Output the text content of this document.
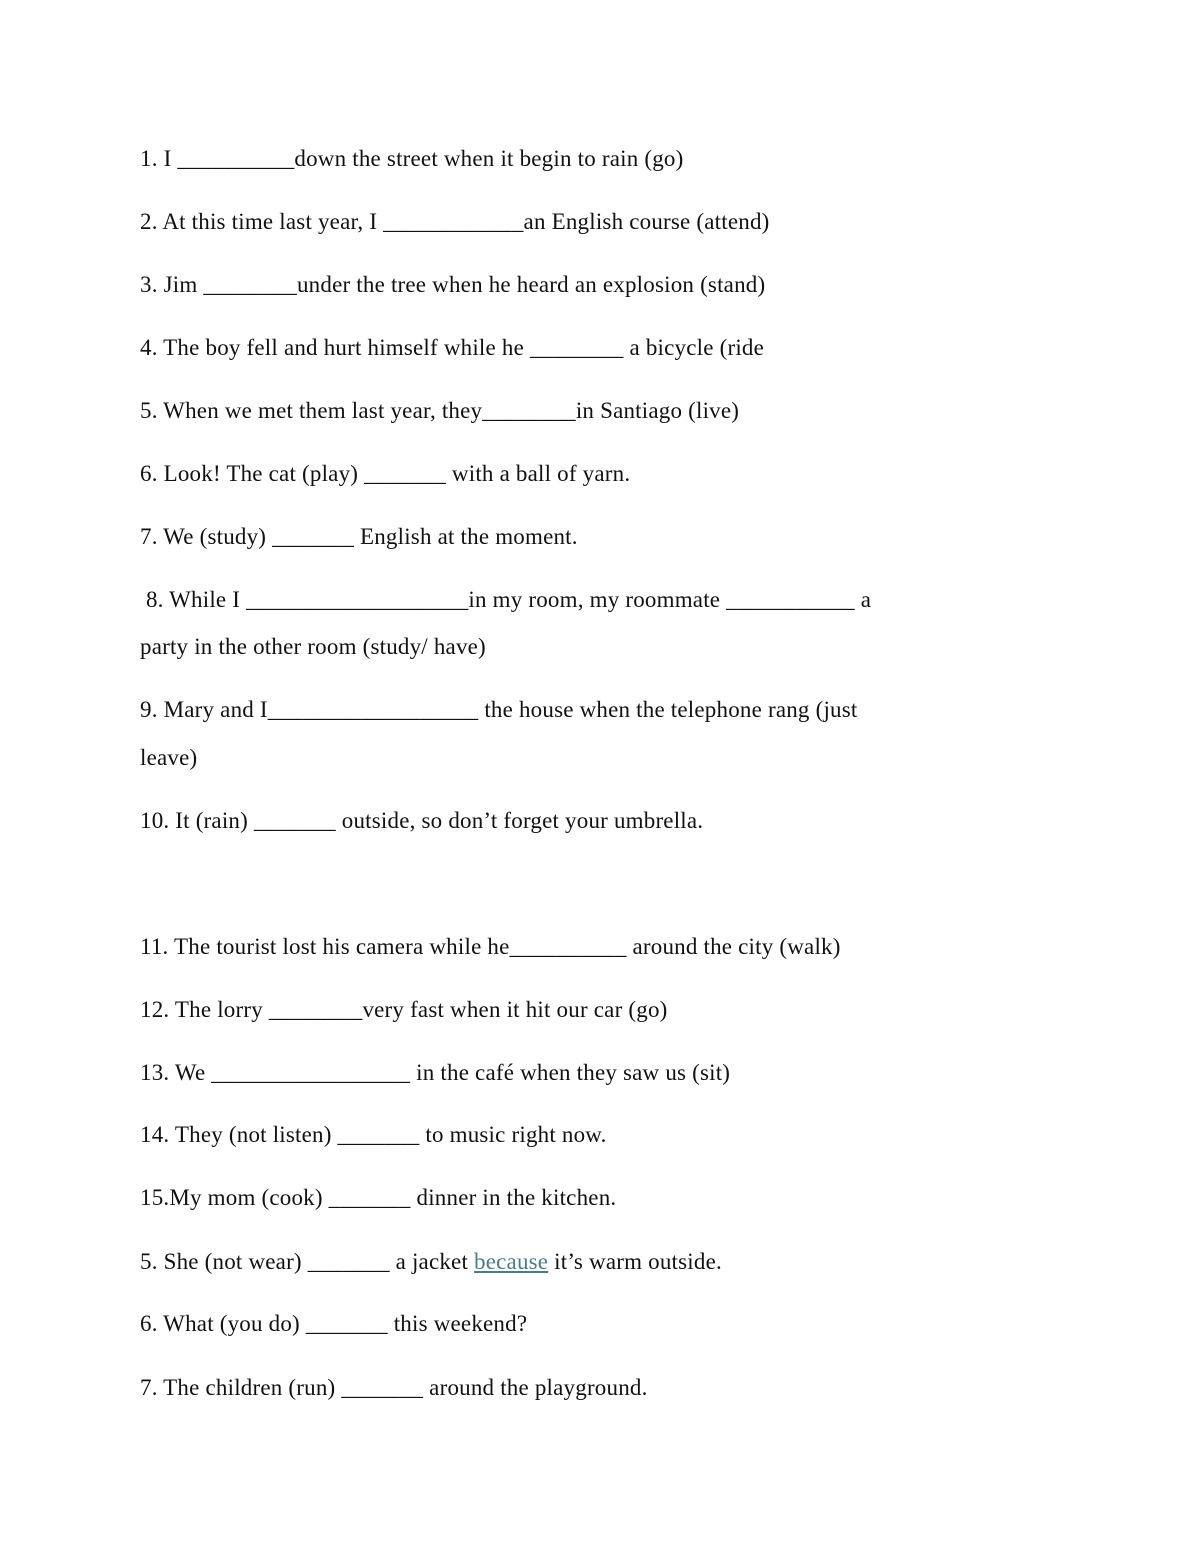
1. I __________down the street when it begin to rain (go)
2. At this time last year, I ____________an English course (attend)
3. Jim ________under the tree when he heard an explosion (stand)
4. The boy fell and hurt himself while he ________ a bicycle (ride
5. When we met them last year, they________in Santiago (live)
6. Look! The cat (play) _______ with a ball of yarn.
7. We (study) _______ English at the moment.
8. While I ___________________in my room, my roommate ___________ a
party in the other room (study/ have)
9. Mary and I__________________ the house when the telephone rang (just
leave)
10. It (rain) _______ outside, so don’t forget your umbrella.
11. The tourist lost his camera while he__________ around the city (walk)
12. The lorry ________very fast when it hit our car (go)
13. We _________________ in the café when they saw us (sit)
14. They (not listen) _______ to music right now.
15.My mom (cook) _______ dinner in the kitchen.
5. She (not wear) _______ a jacket because it’s warm outside.
6. What (you do) _______ this weekend?
7. The children (run) _______ around the playground.
